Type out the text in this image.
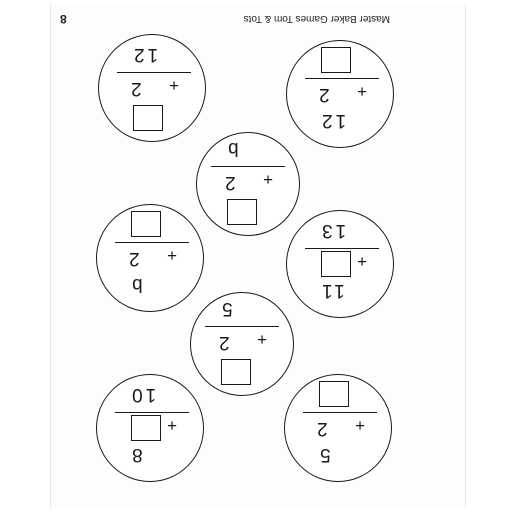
Master Baker Games Tom & Tots
8
12
+
2
+
2
12
+
2
b
b
+
2
11
+
13
+
2
5
8
+
10
5
+
2
